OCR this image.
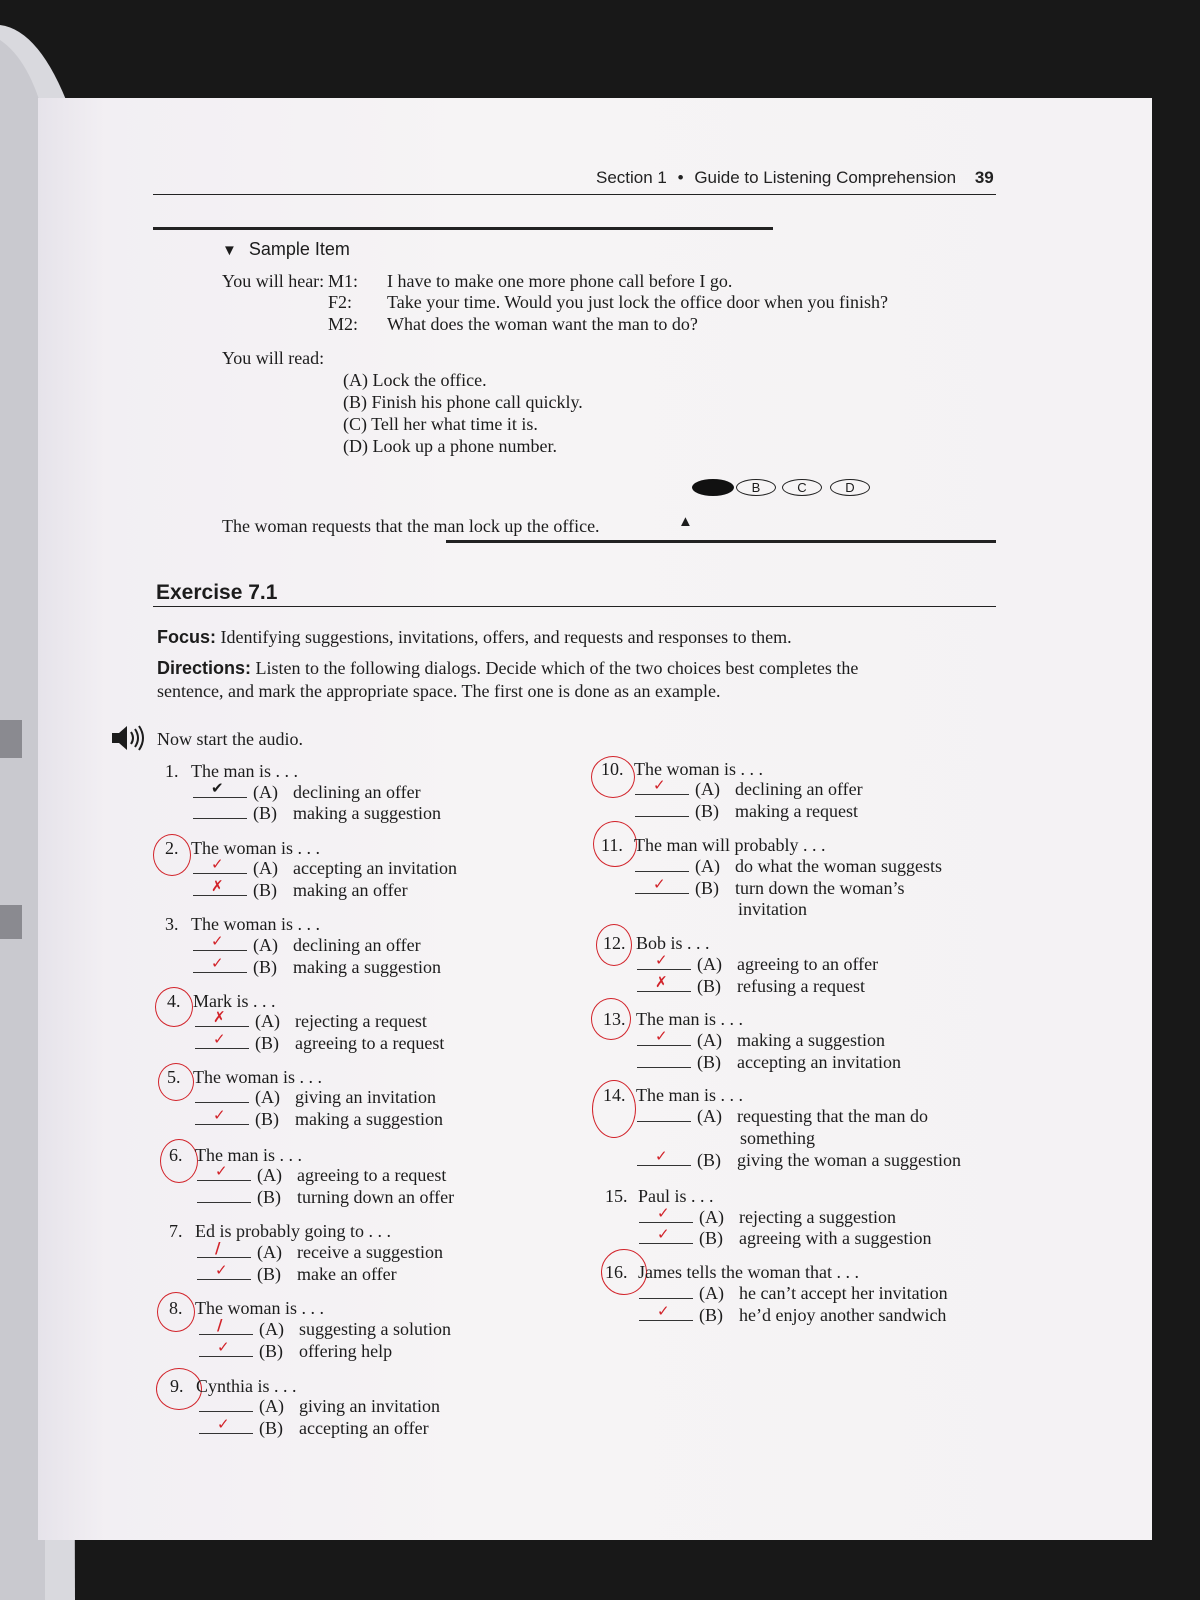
Section 1 • Guide to Listening Comprehension 39
▼ Sample Item
You will hear: M1: I have to make one more phone call before I go.
F2: Take your time. Would you just lock the office door when you finish?
M2: What does the woman want the man to do?
You will read:
(A) Lock the office.
(B) Finish his phone call quickly.
(C) Tell her what time it is.
(D) Look up a phone number.
B	C	D
The woman requests that the man lock up the office.	▲
Exercise 7.1
Focus: Identifying suggestions, invitations, offers, and requests and responses to them.
Directions: Listen to the following dialogs. Decide which of the two choices best completes the
sentence, and mark the appropriate space. The first one is done as an example.
Now start the audio.
1. The man is . . .
✔ (A) declining an offer
(B) making a suggestion
2. The woman is . . .
✓ (A) accepting an invitation
✗ (B) making an offer
3. The woman is . . .
✓ (A) declining an offer
✓ (B) making a suggestion
4. Mark is . . .
✗ (A) rejecting a request
✓ (B) agreeing to a request
5. The woman is . . .
(A) giving an invitation
✓ (B) making a suggestion
6. The man is . . .
✓ (A) agreeing to a request
(B) turning down an offer
7. Ed is probably going to . . .
/ (A) receive a suggestion
✓ (B) make an offer
8. The woman is . . .
/ (A) suggesting a solution
✓ (B) offering help
9. Cynthia is . . .
(A) giving an invitation
✓ (B) accepting an offer
10. The woman is . . .
✓ (A) declining an offer
(B) making a request
11. The man will probably . . .
(A) do what the woman suggests
✓ (B) turn down the woman’s
invitation
12. Bob is . . .
✓ (A) agreeing to an offer
✗ (B) refusing a request
13. The man is . . .
✓ (A) making a suggestion
(B) accepting an invitation
14. The man is . . .
(A) requesting that the man do
something
✓ (B) giving the woman a suggestion
15. Paul is . . .
✓ (A) rejecting a suggestion
✓ (B) agreeing with a suggestion
16. James tells the woman that . . .
(A) he can’t accept her invitation
✓ (B) he’d enjoy another sandwich
